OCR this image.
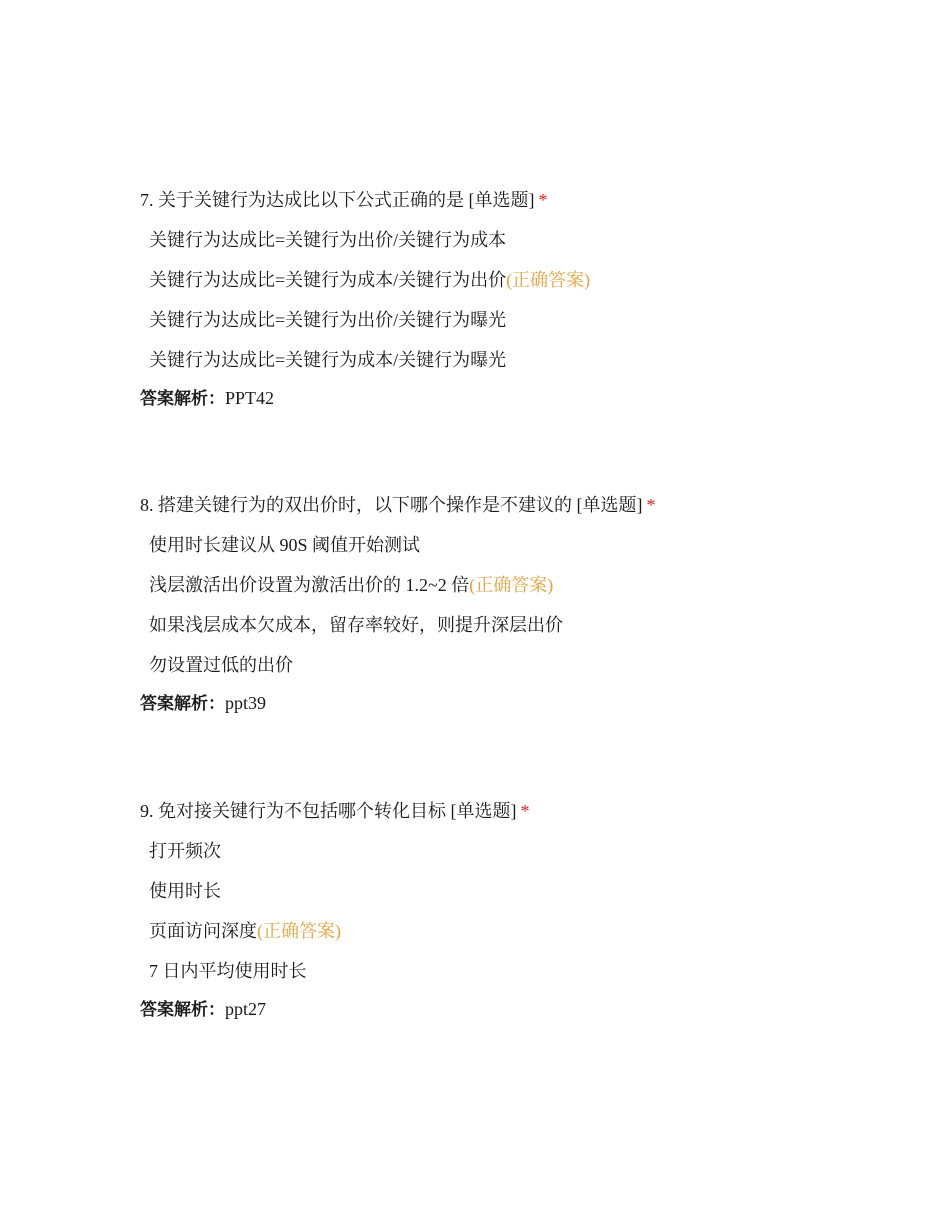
7. 关于关键行为达成比以下公式正确的是 [单选题] *
关键行为达成比=关键行为出价/关键行为成本
关键行为达成比=关键行为成本/关键行为出价(正确答案)
关键行为达成比=关键行为出价/关键行为曝光
关键行为达成比=关键行为成本/关键行为曝光
答案解析：PPT42
8. 搭建关键行为的双出价时，以下哪个操作是不建议的 [单选题] *
使用时长建议从 90S 阈值开始测试
浅层激活出价设置为激活出价的 1.2~2 倍(正确答案)
如果浅层成本欠成本，留存率较好，则提升深层出价
勿设置过低的出价
答案解析：ppt39
9. 免对接关键行为不包括哪个转化目标 [单选题] *
打开频次
使用时长
页面访问深度(正确答案)
7 日内平均使用时长
答案解析：ppt27
